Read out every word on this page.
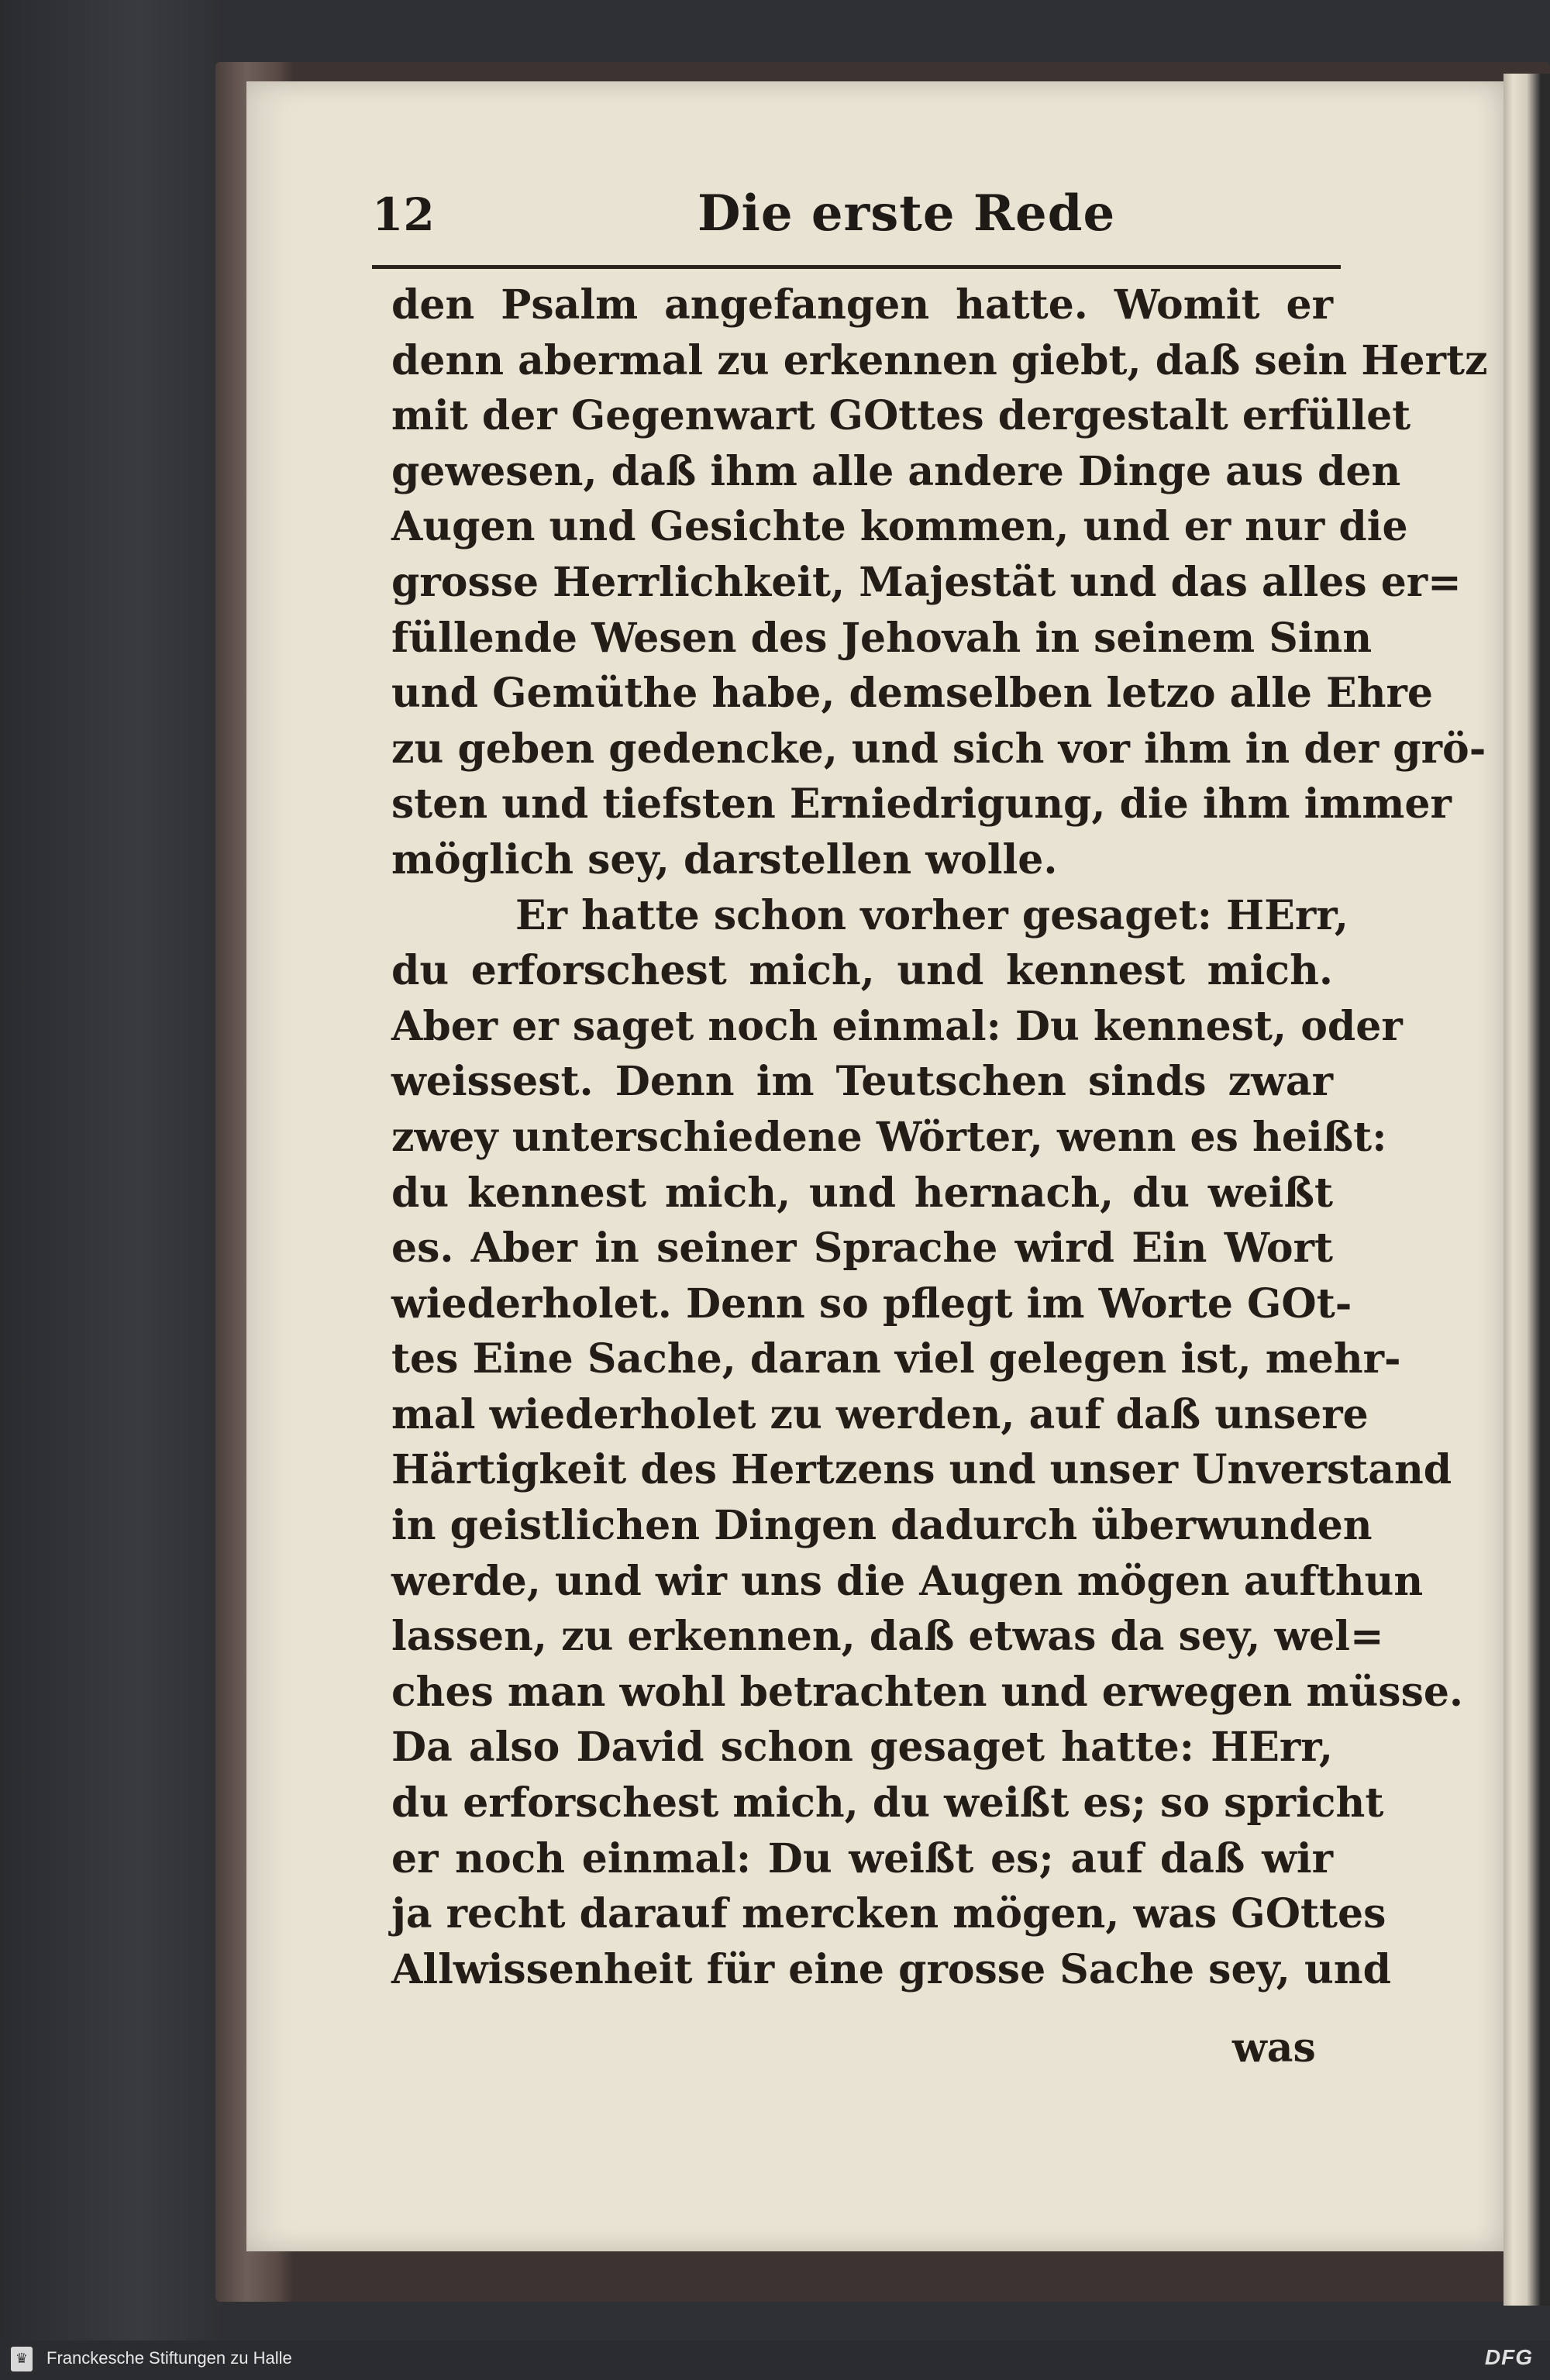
12	Die erste Rede
den Psalm angefangen hatte. Womit er
denn abermal zu erkennen giebt, daß sein Hertz
mit der Gegenwart GOttes dergestalt erfüllet
gewesen, daß ihm alle andere Dinge aus den
Augen und Gesichte kommen, und er nur die
grosse Herrlichkeit, Majestät und das alles er=
füllende Wesen des Jehovah in seinem Sinn
und Gemüthe habe, demselben letzo alle Ehre
zu geben gedencke, und sich vor ihm in der grö-
sten und tiefsten Erniedrigung, die ihm immer
möglich sey, darstellen wolle.
Er hatte schon vorher gesaget: HErr,
du erforschest mich, und kennest mich.
Aber er saget noch einmal: Du kennest, oder
weissest. Denn im Teutschen sinds zwar
zwey unterschiedene Wörter, wenn es heißt:
du kennest mich, und hernach, du weißt
es. Aber in seiner Sprache wird Ein Wort
wiederholet. Denn so pflegt im Worte GOt-
tes Eine Sache, daran viel gelegen ist, mehr-
mal wiederholet zu werden, auf daß unsere
Härtigkeit des Hertzens und unser Unverstand
in geistlichen Dingen dadurch überwunden
werde, und wir uns die Augen mögen aufthun
lassen, zu erkennen, daß etwas da sey, wel=
ches man wohl betrachten und erwegen müsse.
Da also David schon gesaget hatte: HErr,
du erforschest mich, du weißt es; so spricht
er noch einmal: Du weißt es; auf daß wir
ja recht darauf mercken mögen, was GOttes
Allwissenheit für eine grosse Sache sey, und
was
♛ Franckesche Stiftungen zu Halle	DFG
